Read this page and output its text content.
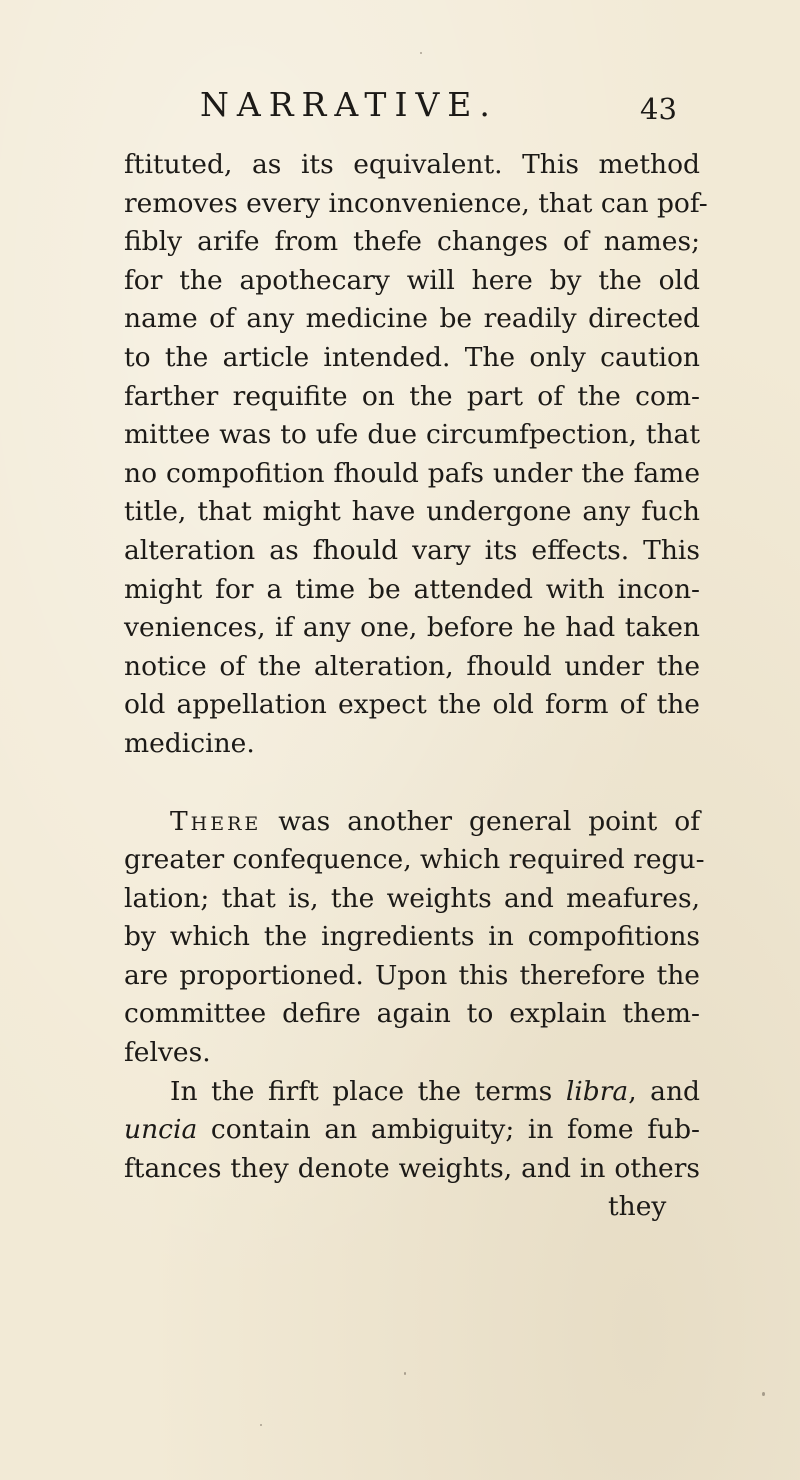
NARRATIVE.	43
ftituted, as its equivalent. This method
removes every inconvenience, that can pof-
fibly arife from thefe changes of names;
for the apothecary will here by the old
name of any medicine be readily directed
to the article intended. The only caution
farther requifite on the part of the com-
mittee was to ufe due circumfpection, that
no compofition fhould pafs under the fame
title, that might have undergone any fuch
alteration as fhould vary its effects. This
might for a time be attended with incon-
veniences, if any one, before he had taken
notice of the alteration, fhould under the
old appellation expect the old form of the
medicine.
There was another general point of
greater confequence, which required regu-
lation; that is, the weights and meafures,
by which the ingredients in compofitions
are proportioned. Upon this therefore the
committee defire again to explain them-
felves.
In the firft place the terms libra, and
uncia contain an ambiguity; in fome fub-
ftances they denote weights, and in others
they
